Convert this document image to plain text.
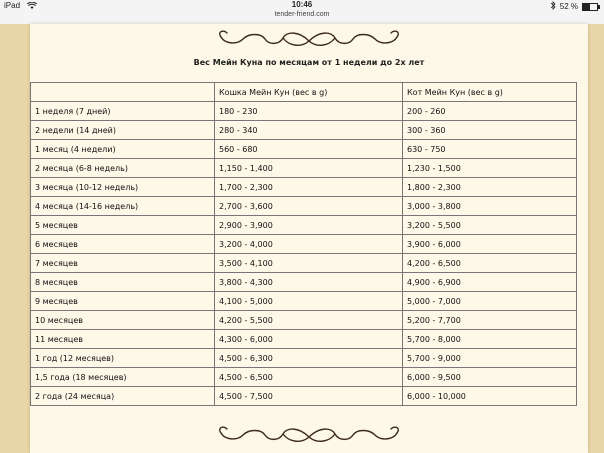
iPad	10:46
tender-friend.com
52 %
Вес Мейн Куна по месяцам от 1 недели до 2х лет
	Кошка Мейн Кун (вес в g)	Кот Мейн Кун (вес в g)
1 неделя (7 дней)	180 - 230	200 - 260
2 недели (14 дней)	280 - 340	300 - 360
1 месяц (4 недели)	560 - 680	630 - 750
2 месяца (6-8 недель)	1,150 - 1,400	1,230 - 1,500
3 месяца (10-12 недель)	1,700 - 2,300	1,800 - 2,300
4 месяца (14-16 недель)	2,700 - 3,600	3,000 - 3,800
5 месяцев	2,900 - 3,900	3,200 - 5,500
6 месяцев	3,200 - 4,000	3,900 - 6,000
7 месяцев	3,500 - 4,100	4,200 - 6,500
8 месяцев	3,800 - 4,300	4,900 - 6,900
9 месяцев	4,100 - 5,000	5,000 - 7,000
10 месяцев	4,200 - 5,500	5,200 - 7,700
11 месяцев	4,300 - 6,000	5,700 - 8,000
1 год (12 месяцев)	4,500 - 6,300	5,700 - 9,000
1,5 года (18 месяцев)	4,500 - 6,500	6,000 - 9,500
2 года (24 месяца)	4,500 - 7,500	6,000 - 10,000
